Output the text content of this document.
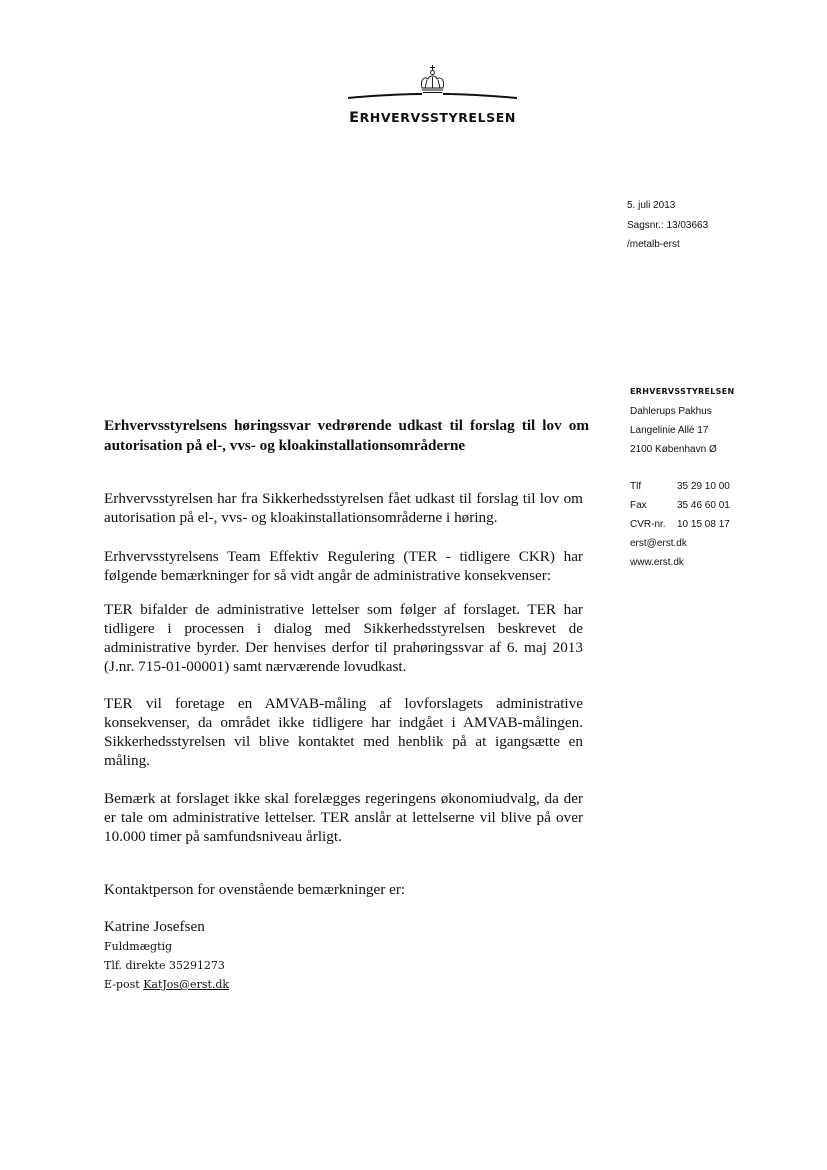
ERHVERVSSTYRELSEN
5. juli 2013
Sagsnr.: 13/03663
/metalb-erst
ERHVERVSSTYRELSEN
Dahlerups Pakhus
Langelinie Allé 17
2100 København Ø
Tlf	35 29 10 00
Fax	35 46 60 01
CVR-nr.	10 15 08 17
erst@erst.dk
www.erst.dk
Erhvervsstyrelsens høringssvar vedrørende udkast til forslag til lov om autorisation på el-, vvs- og kloakinstallationsområderne
Erhvervsstyrelsen har fra Sikkerhedsstyrelsen fået udkast til forslag til lov om autorisation på el-, vvs- og kloakinstallationsområderne i høring.
Erhvervsstyrelsens Team Effektiv Regulering (TER - tidligere CKR) har følgende bemærkninger for så vidt angår de administrative konsekvenser:
TER bifalder de administrative lettelser som følger af forslaget. TER har tidligere i processen i dialog med Sikkerhedsstyrelsen beskrevet de administrative byrder. Der henvises derfor til prahøringssvar af 6. maj 2013 (J.nr. 715-01-00001) samt nærværende lovudkast.
TER vil foretage en AMVAB-måling af lovforslagets administrative konsekvenser, da området ikke tidligere har indgået i AMVAB-målingen. Sikkerhedsstyrelsen vil blive kontaktet med henblik på at igangsætte en måling.
Bemærk at forslaget ikke skal forelægges regeringens økonomiudvalg, da der er tale om administrative lettelser. TER anslår at lettelserne vil blive på over 10.000 timer på samfundsniveau årligt.
Kontaktperson for ovenstående bemærkninger er:
Katrine Josefsen
Fuldmægtig
Tlf. direkte 35291273
E-post KatJos@erst.dk
